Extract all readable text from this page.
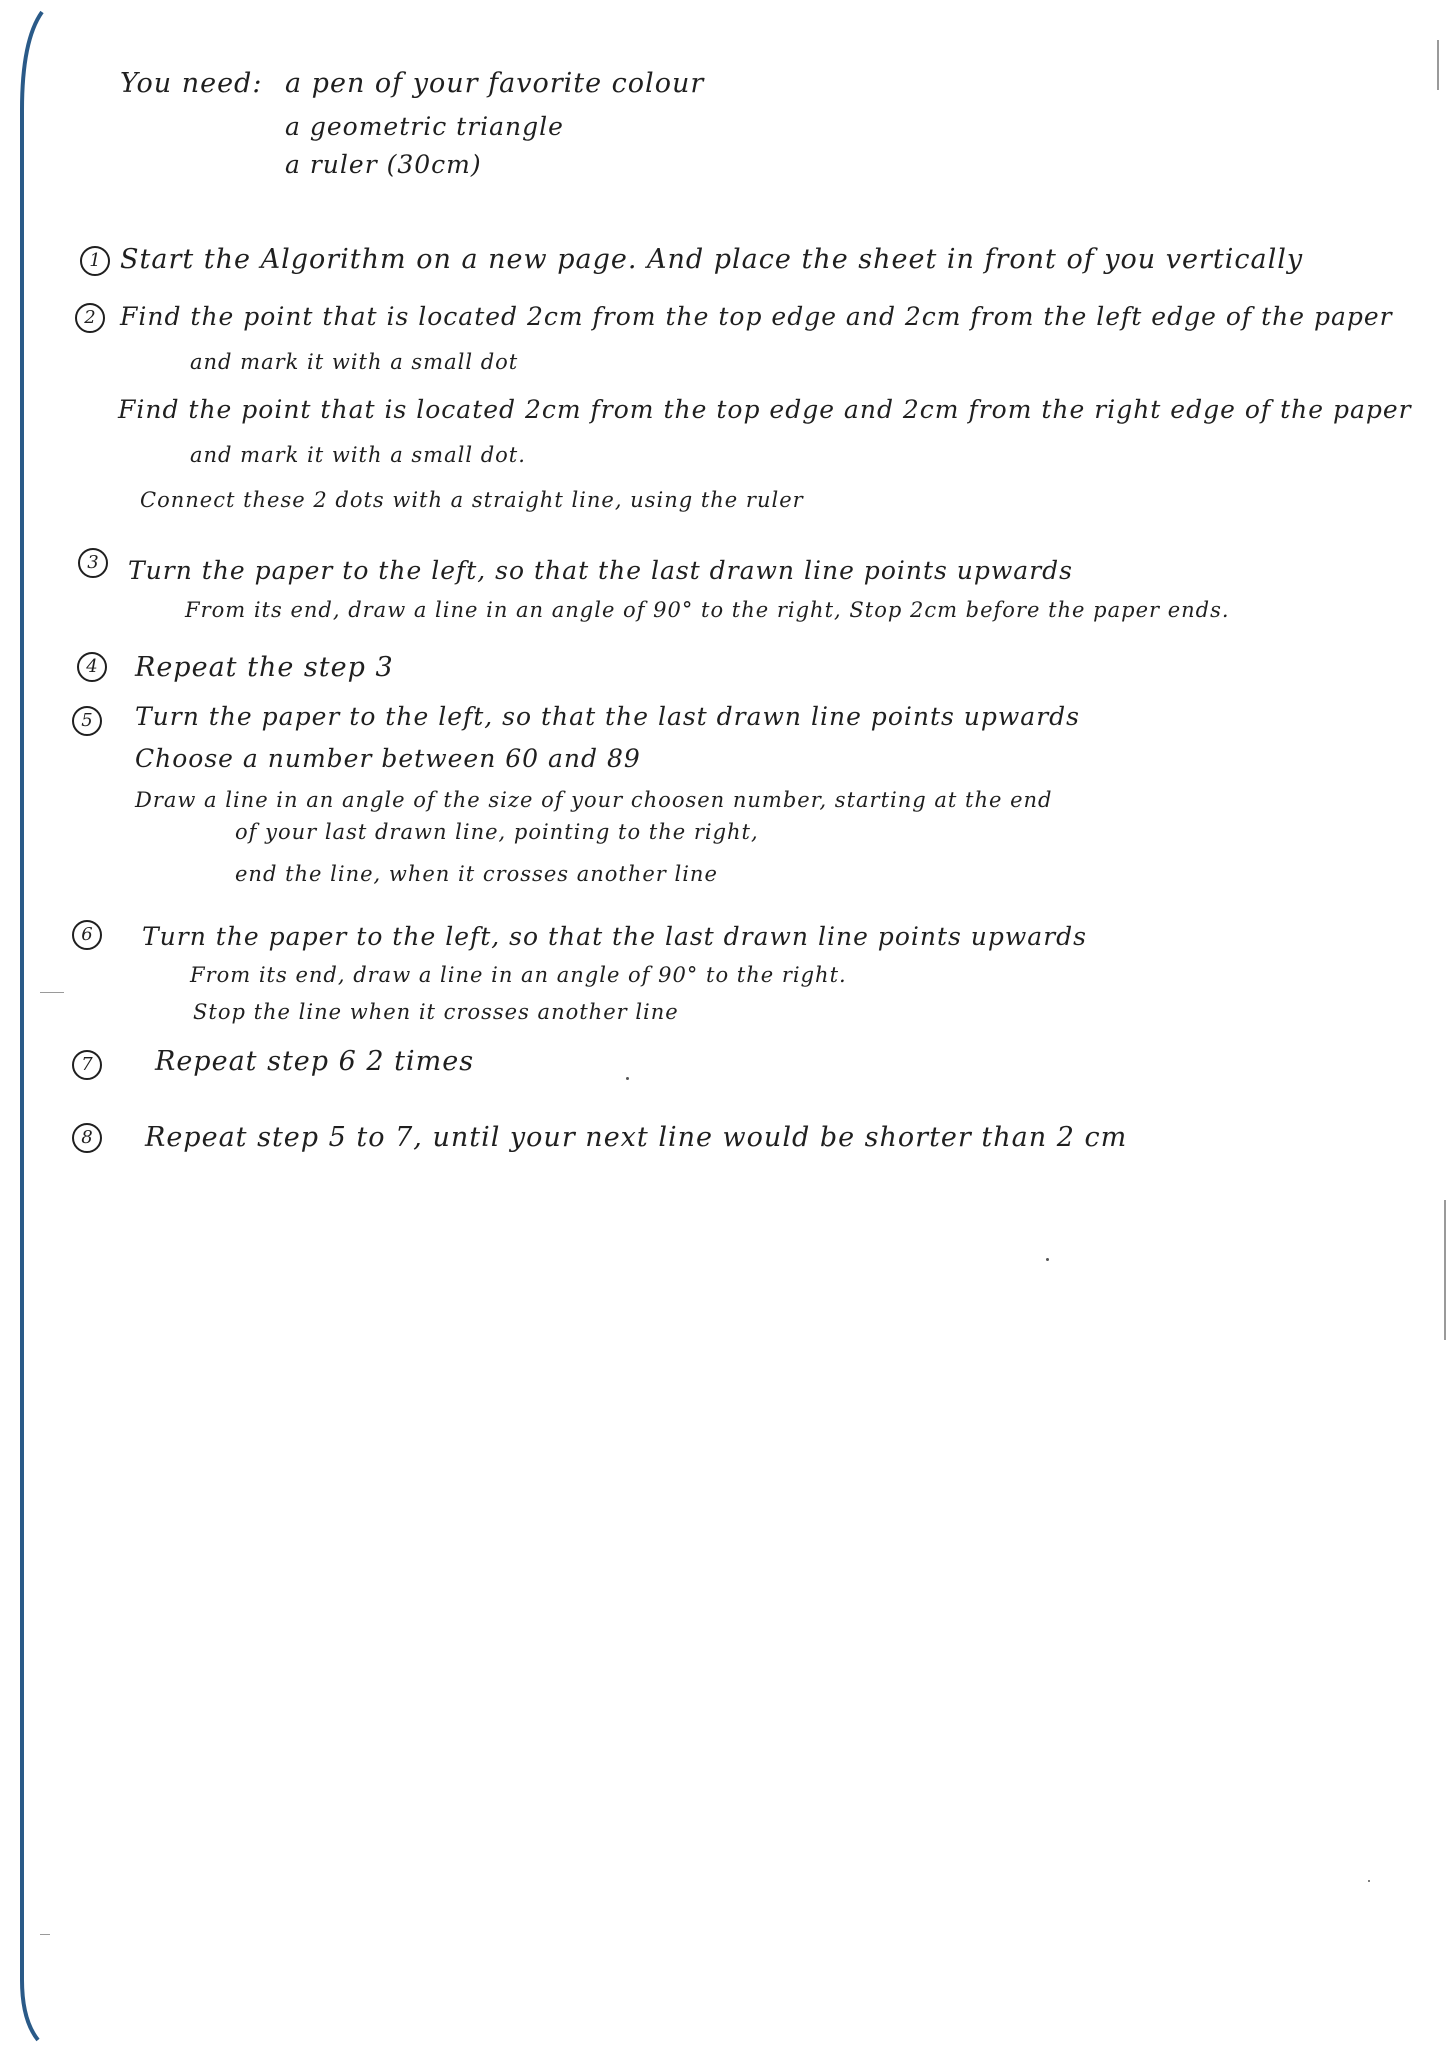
You need: a pen of your favorite colour
a geometric triangle
a ruler (30cm)
1 Start the Algorithm on a new page. And place the sheet in front of you vertically
2 Find the point that is located 2cm from the top edge and 2cm from the left edge of the paper
and mark it with a small dot
Find the point that is located 2cm from the top edge and 2cm from the right edge of the paper
and mark it with a small dot.
Connect these 2 dots with a straight line, using the ruler
3	Turn the paper to the left, so that the last drawn line points upwards
From its end, draw a line in an angle of 90° to the right, Stop 2cm before the paper ends.
4	Repeat the step 3
5	Turn the paper to the left, so that the last drawn line points upwards
Choose a number between 60 and 89
Draw a line in an angle of the size of your choosen number, starting at the end
of your last drawn line, pointing to the right,
end the line, when it crosses another line
6	Turn the paper to the left, so that the last drawn line points upwards
From its end, draw a line in an angle of 90° to the right.
Stop the line when it crosses another line
7	Repeat step 6 2 times
8	Repeat step 5 to 7, until your next line would be shorter than 2 cm
